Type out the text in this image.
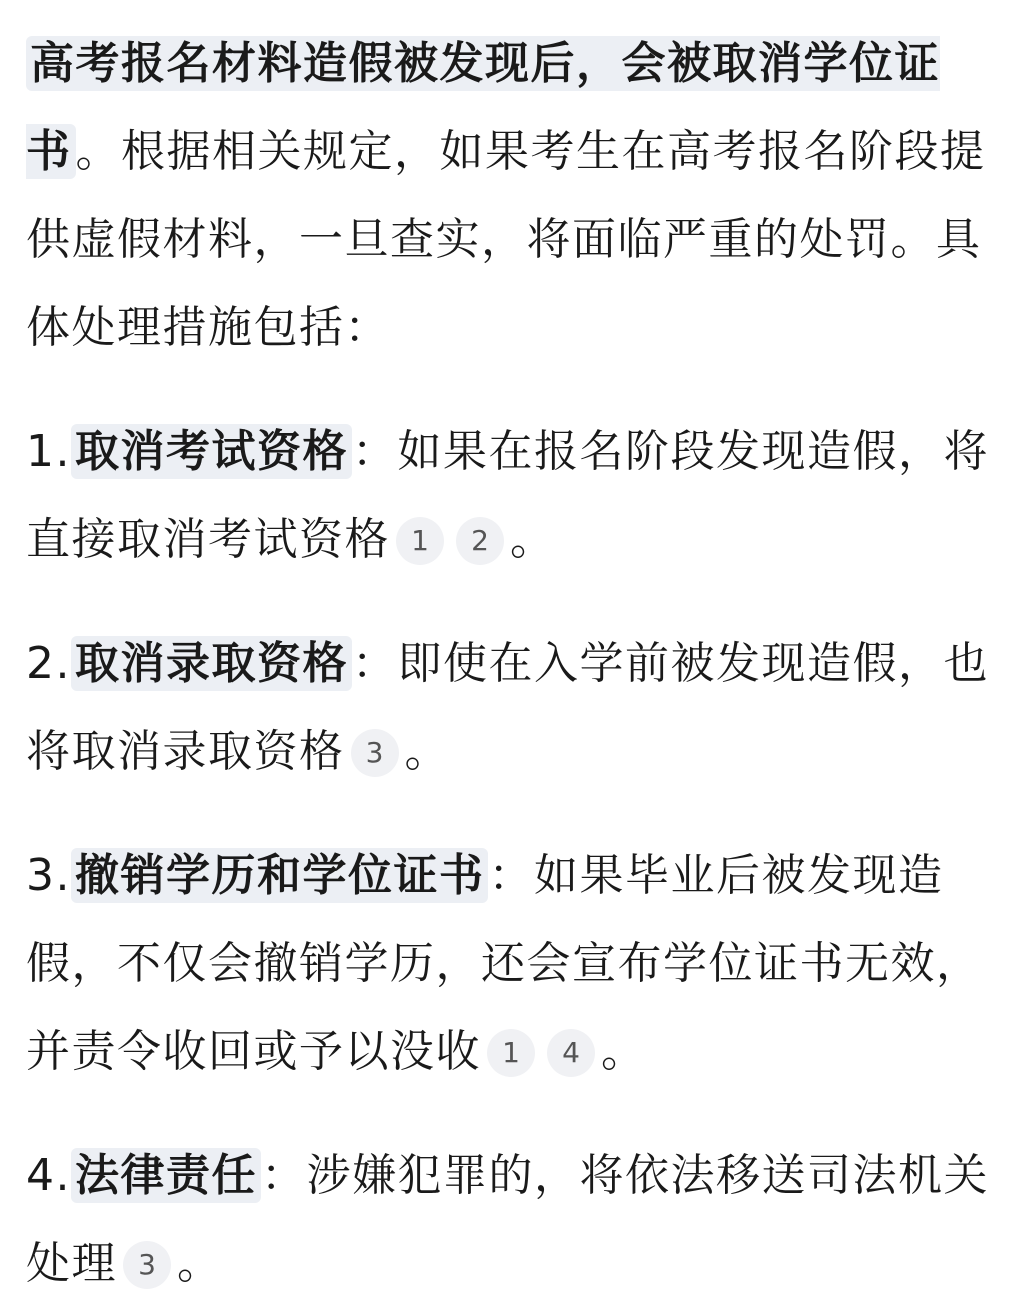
高考报名材料造假被发现后，会被取消学位证书。根据相关规定，如果考生在高考报名阶段提供虚假材料，一旦查实，将面临严重的处罚。具体处理措施包括：

1.取消考试资格：如果在报名阶段发现造假，将直接取消考试资格 1 2 。

2.取消录取资格：即使在入学前被发现造假，也将取消录取资格 3 。

3.撤销学历和学位证书：如果毕业后被发现造假，不仅会撤销学历，还会宣布学位证书无效，并责令收回或予以没收 1 4 。

4.法律责任：涉嫌犯罪的，将依法移送司法机关处理 3 。
